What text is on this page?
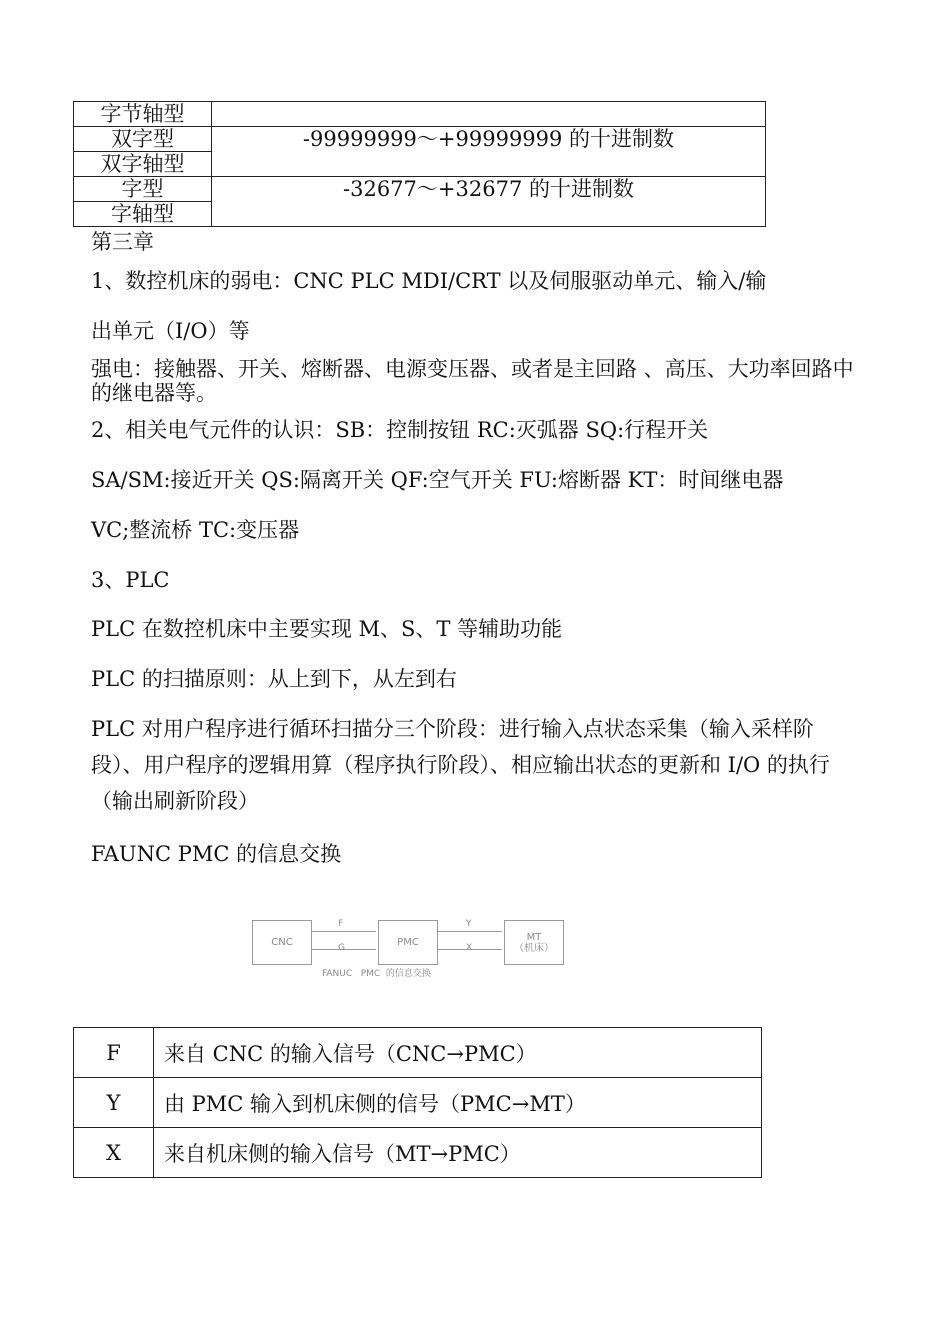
字节轴型	
双字型	-99999999～+99999999 的十进制数
双字轴型	
字型	-32677～+32677 的十进制数
字轴型	
第三章
1、数控机床的弱电：CNC PLC MDI/CRT 以及伺服驱动单元、输入/输
出单元（I/O）等
强电：接触器、开关、熔断器、电源变压器、或者是主回路 、高压、大功率回路中的继电器等。
2、相关电气元件的认识：SB：控制按钮 RC:灭弧器 SQ:行程开关
SA/SM:接近开关 QS:隔离开关 QF:空气开关 FU:熔断器 KT：时间继电器
VC;整流桥 TC:变压器
3、PLC
PLC 在数控机床中主要实现 M、S、T 等辅助功能
PLC 的扫描原则：从上到下，从左到右
PLC 对用户程序进行循环扫描分三个阶段：进行输入点状态采集（输入采样阶段）、用户程序的逻辑用算（程序执行阶段）、相应输出状态的更新和 I/O 的执行（输出刷新阶段）
FAUNC PMC 的信息交换
CNC	PMC	MT
（机床）
F
G
Y
X
FANUC   PMC  的信息交换
F	来自 CNC 的输入信号（CNC→PMC）
Y	由 PMC 输入到机床侧的信号（PMC→MT）
X	来自机床侧的输入信号（MT→PMC）
